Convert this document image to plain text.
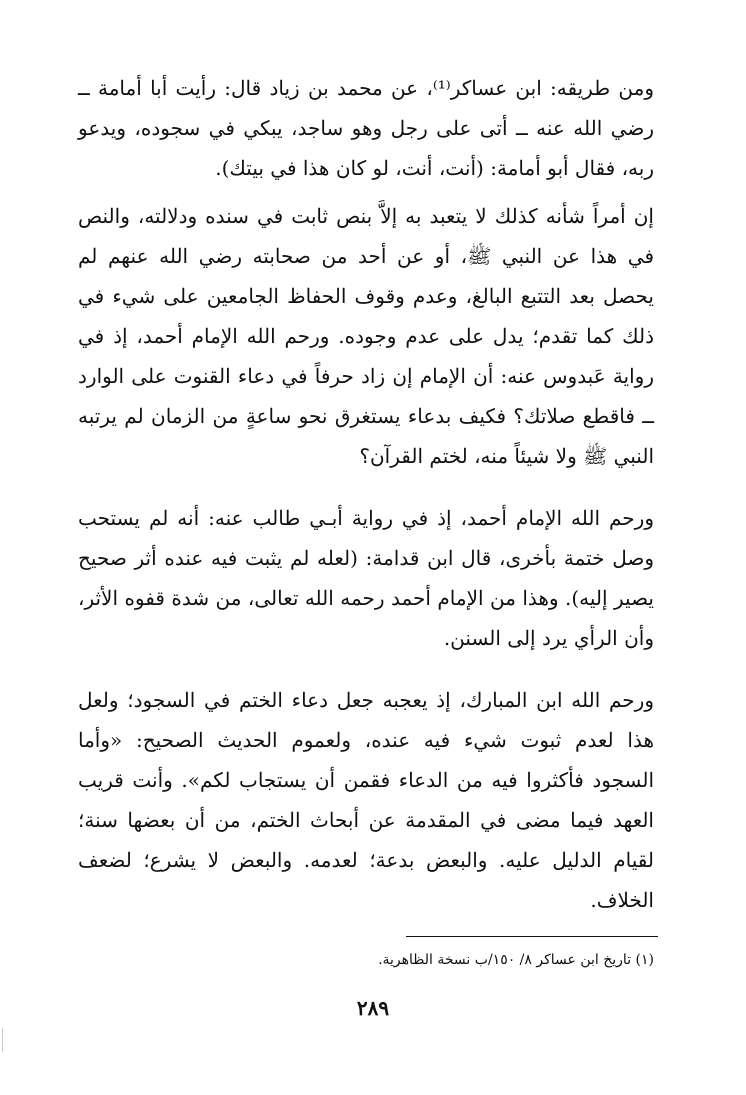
ومن طريقه: ابن عساكر⁽¹⁾، عن محمد بن زياد قال: رأيت أبا أمامة ــ رضي الله عنه ــ أتى على رجل وهو ساجد، يبكي في سجوده، ويدعو ربه، فقال أبو أمامة: (أنت، أنت، لو كان هذا في بيتك).

إن أمراً شأنه كذلك لا يتعبد به إلاَّ بنص ثابت في سنده ودلالته، والنص في هذا عن النبي ﷺ، أو عن أحد من صحابته رضي الله عنهم لم يحصل بعد التتبع البالغ، وعدم وقوف الحفاظ الجامعين على شيء في ذلك كما تقدم؛ يدل على عدم وجوده. ورحم الله الإمام أحمد، إذ في رواية عَبدوس عنه: أن الإمام إن زاد حرفاً في دعاء القنوت على الوارد ــ فاقطع صلاتك؟ فكيف بدعاء يستغرق نحو ساعةٍ من الزمان لم يرتبه النبي ﷺ ولا شيئاً منه، لختم القرآن؟

ورحم الله الإمام أحمد، إذ في رواية أبـي طالب عنه: أنه لم يستحب وصل ختمة بأخرى، قال ابن قدامة: (لعله لم يثبت فيه عنده أثر صحيح يصير إليه). وهذا من الإمام أحمد رحمه الله تعالى، من شدة قفوه الأثر، وأن الرأي يرد إلى السنن.

ورحم الله ابن المبارك، إذ يعجبه جعل دعاء الختم في السجود؛ ولعل هذا لعدم ثبوت شيء فيه عنده، ولعموم الحديث الصحيح: «وأما السجود فأكثروا فيه من الدعاء فقمن أن يستجاب لكم». وأنت قريب العهد فيما مضى في المقدمة عن أبحاث الختم، من أن بعضها سنة؛ لقيام الدليل عليه. والبعض بدعة؛ لعدمه. والبعض لا يشرع؛ لضعف الخلاف.

(١) تاريخ ابن عساكر ٨/ ١٥٠/ب نسخة الظاهرية.

٢٨٩
